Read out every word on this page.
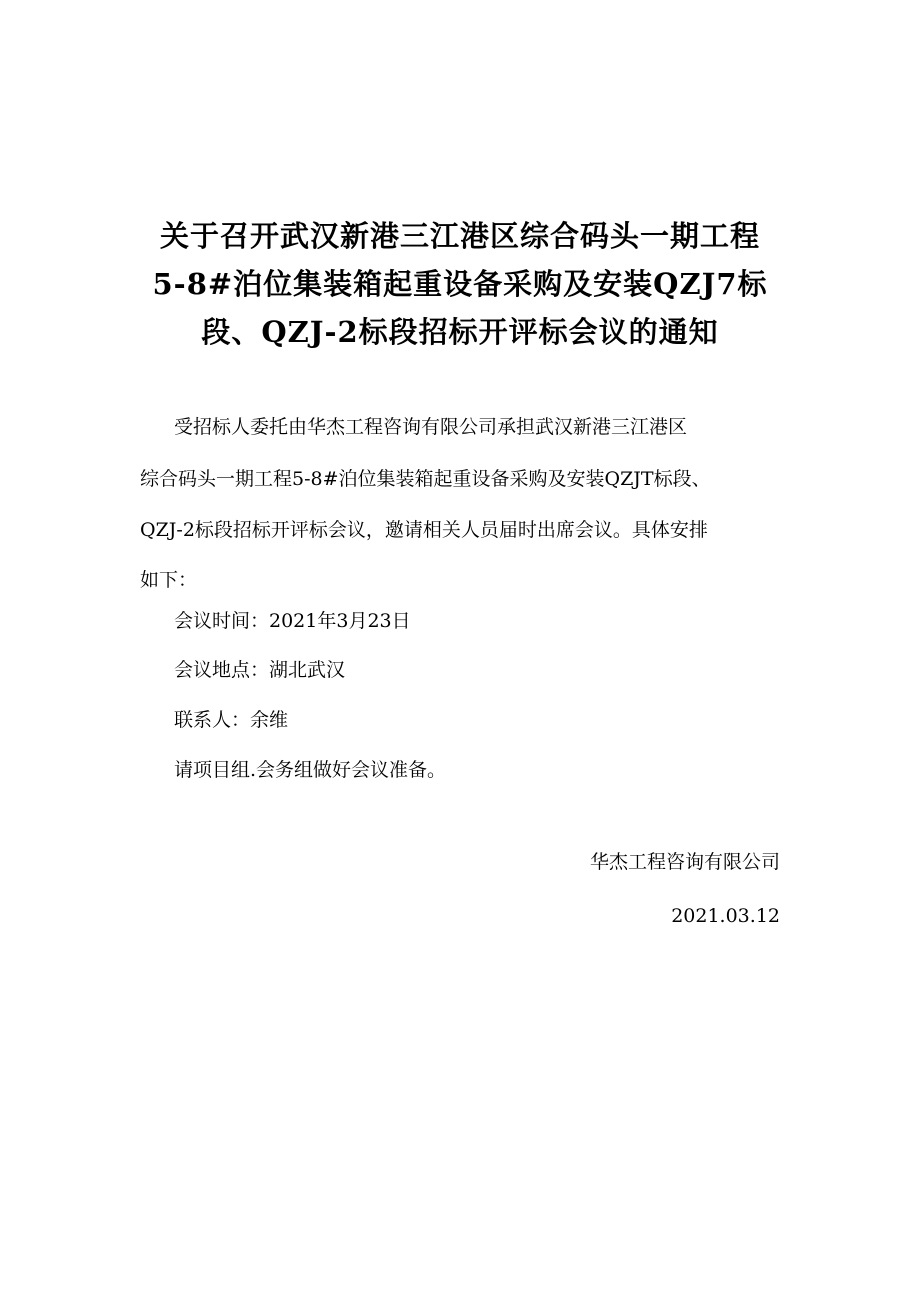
关于召开武汉新港三江港区综合码头一期工程
5-8#泊位集装箱起重设备采购及安装QZJ7标
段、QZJ-2标段招标开评标会议的通知
受招标人委托由华杰工程咨询有限公司承担武汉新港三江港区
综合码头一期工程5-8#泊位集装箱起重设备采购及安装QZJT标段、
QZJ-2标段招标开评标会议，邀请相关人员届时出席会议。具体安排
如下：
会议时间：2021年3月23日
会议地点：湖北武汉
联系人：余维
请项目组.会务组做好会议准备。
华杰工程咨询有限公司
2021.03.12
